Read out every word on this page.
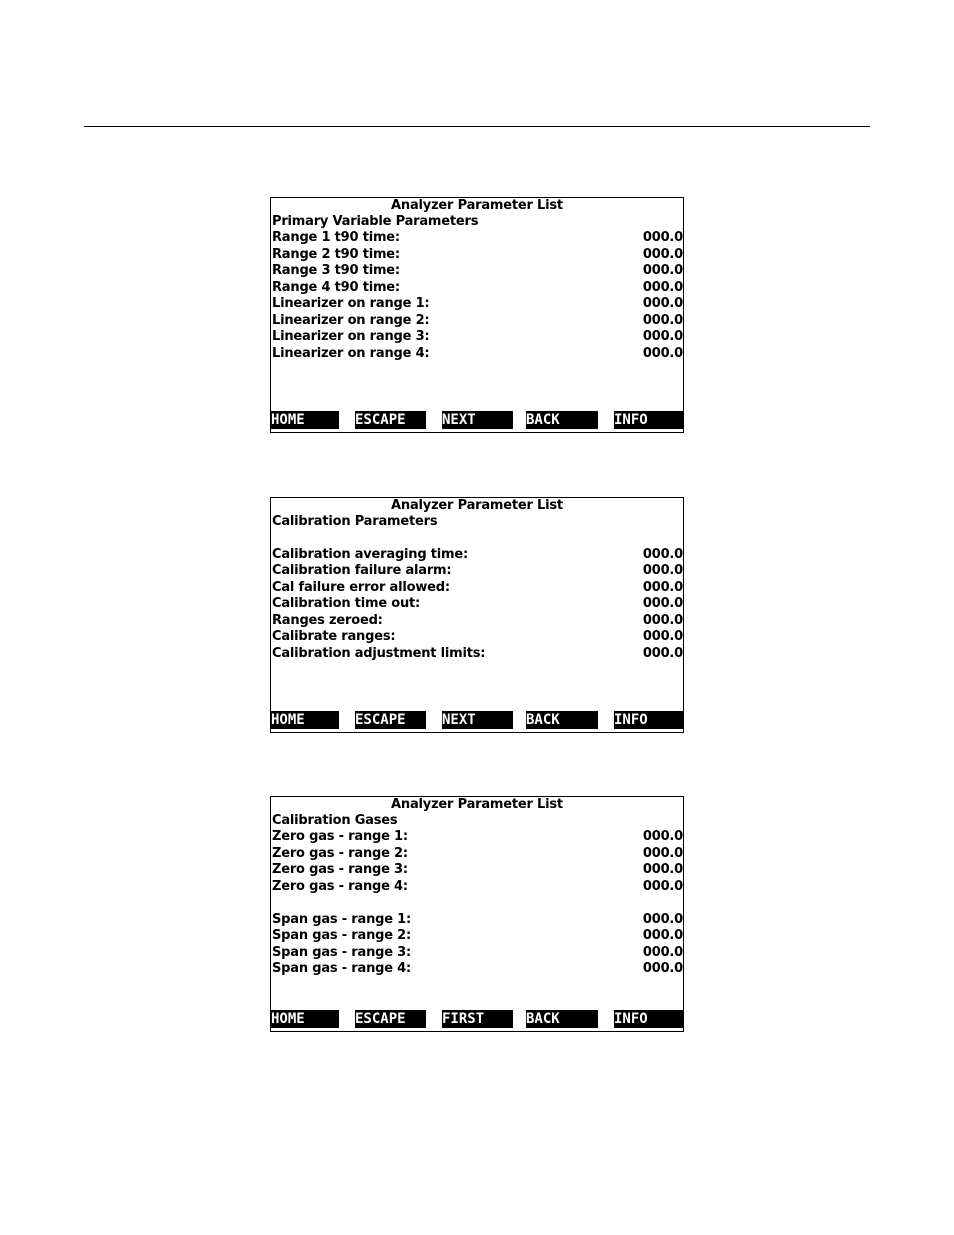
Analyzer Parameter List
Primary Variable Parameters
Range 1 t90 time:	000.0
Range 2 t90 time:	000.0
Range 3 t90 time:	000.0
Range 4 t90 time:	000.0
Linearizer on range 1:	000.0
Linearizer on range 2:	000.0
Linearizer on range 3:	000.0
Linearizer on range 4:	000.0
HOME	ESCAPE	NEXT	BACK	INFO
Analyzer Parameter List
Calibration Parameters
Calibration averaging time:	000.0
Calibration failure alarm:	000.0
Cal failure error allowed:	000.0
Calibration time out:	000.0
Ranges zeroed:	000.0
Calibrate ranges:	000.0
Calibration adjustment limits:	000.0
HOME	ESCAPE	NEXT	BACK	INFO
Analyzer Parameter List
Calibration Gases
Zero gas - range 1:	000.0
Zero gas - range 2:	000.0
Zero gas - range 3:	000.0
Zero gas - range 4:	000.0
Span gas - range 1:	000.0
Span gas - range 2:	000.0
Span gas - range 3:	000.0
Span gas - range 4:	000.0
HOME	ESCAPE	FIRST	BACK	INFO
